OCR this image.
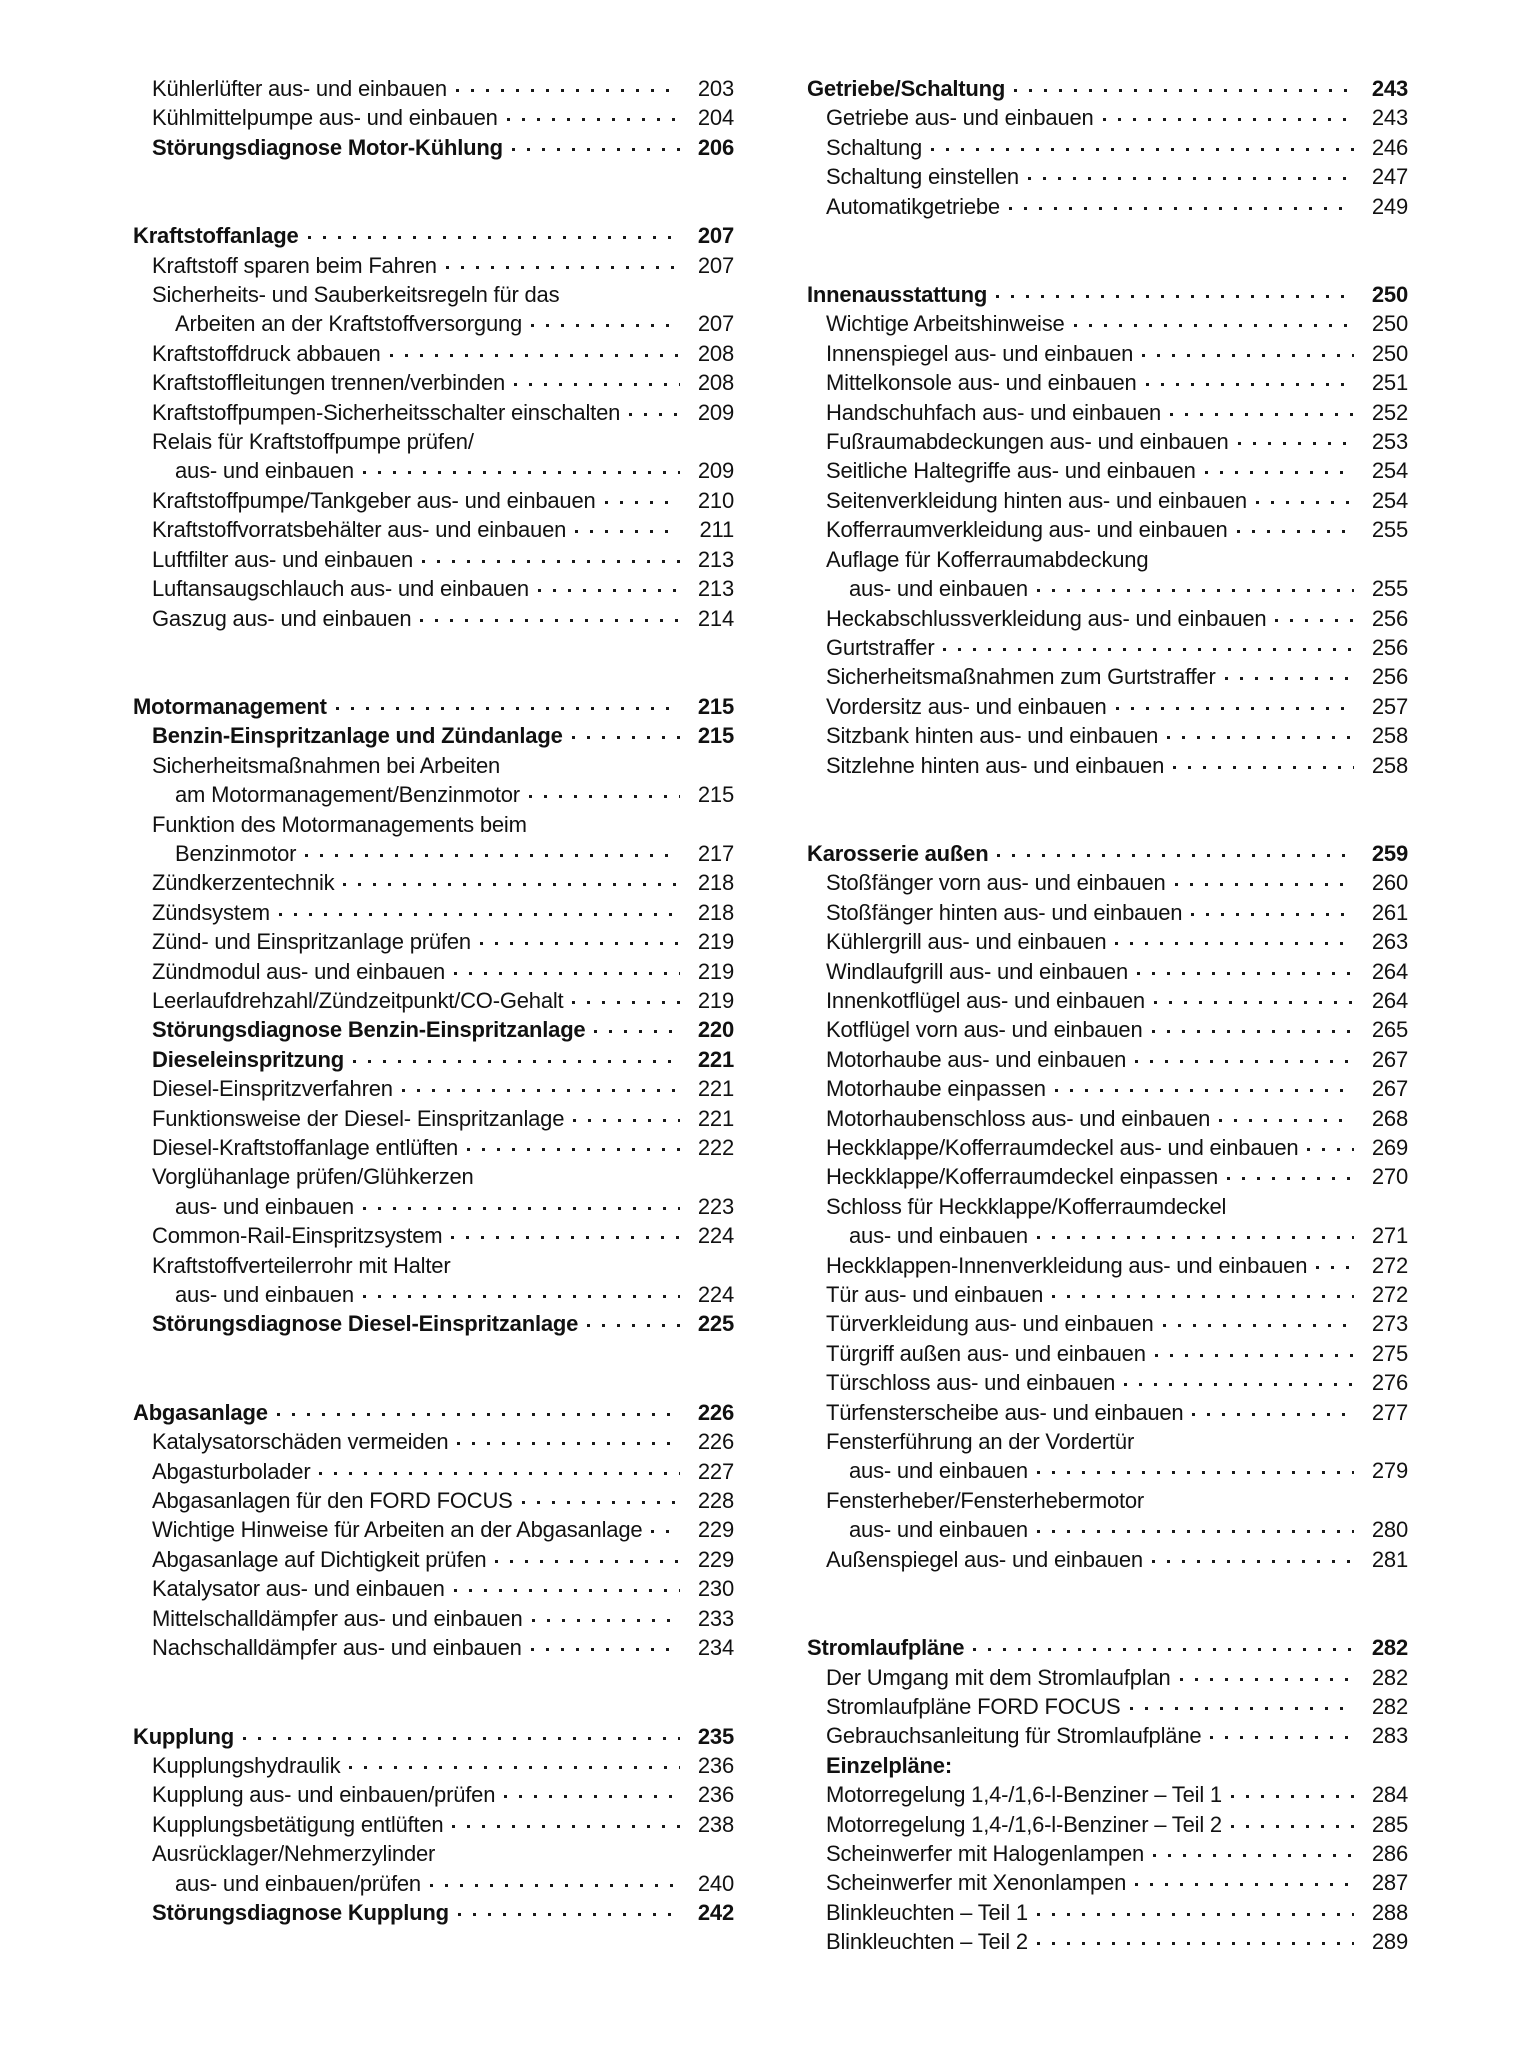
Kühlerlüfter aus- und einbauen	203
Kühlmittelpumpe aus- und einbauen	204
Störungsdiagnose Motor-Kühlung	206
Kraftstoffanlage	207
Kraftstoff sparen beim Fahren	207
Sicherheits- und Sauberkeitsregeln für das
Arbeiten an der Kraftstoffversorgung	207
Kraftstoffdruck abbauen	208
Kraftstoffleitungen trennen/verbinden	208
Kraftstoffpumpen-Sicherheitsschalter einschalten	209
Relais für Kraftstoffpumpe prüfen/
aus- und einbauen	209
Kraftstoffpumpe/Tankgeber aus- und einbauen	210
Kraftstoffvorratsbehälter aus- und einbauen	211
Luftfilter aus- und einbauen	213
Luftansaugschlauch aus- und einbauen	213
Gaszug aus- und einbauen	214
Motormanagement	215
Benzin-Einspritzanlage und Zündanlage	215
Sicherheitsmaßnahmen bei Arbeiten
am Motormanagement/Benzinmotor	215
Funktion des Motormanagements beim
Benzinmotor	217
Zündkerzentechnik	218
Zündsystem	218
Zünd- und Einspritzanlage prüfen	219
Zündmodul aus- und einbauen	219
Leerlaufdrehzahl/Zündzeitpunkt/CO-Gehalt	219
Störungsdiagnose Benzin-Einspritzanlage	220
Dieseleinspritzung	221
Diesel-Einspritzverfahren	221
Funktionsweise der Diesel- Einspritzanlage	221
Diesel-Kraftstoffanlage entlüften	222
Vorglühanlage prüfen/Glühkerzen
aus- und einbauen	223
Common-Rail-Einspritzsystem	224
Kraftstoffverteilerrohr mit Halter
aus- und einbauen	224
Störungsdiagnose Diesel-Einspritzanlage	225
Abgasanlage	226
Katalysatorschäden vermeiden	226
Abgasturbolader	227
Abgasanlagen für den FORD FOCUS	228
Wichtige Hinweise für Arbeiten an der Abgasanlage	229
Abgasanlage auf Dichtigkeit prüfen	229
Katalysator aus- und einbauen	230
Mittelschalldämpfer aus- und einbauen	233
Nachschalldämpfer aus- und einbauen	234
Kupplung	235
Kupplungshydraulik	236
Kupplung aus- und einbauen/prüfen	236
Kupplungsbetätigung entlüften	238
Ausrücklager/Nehmerzylinder
aus- und einbauen/prüfen	240
Störungsdiagnose Kupplung	242
Getriebe/Schaltung	243
Getriebe aus- und einbauen	243
Schaltung	246
Schaltung einstellen	247
Automatikgetriebe	249
Innenausstattung	250
Wichtige Arbeitshinweise	250
Innenspiegel aus- und einbauen	250
Mittelkonsole aus- und einbauen	251
Handschuhfach aus- und einbauen	252
Fußraumabdeckungen aus- und einbauen	253
Seitliche Haltegriffe aus- und einbauen	254
Seitenverkleidung hinten aus- und einbauen	254
Kofferraumverkleidung aus- und einbauen	255
Auflage für Kofferraumabdeckung
aus- und einbauen	255
Heckabschlussverkleidung aus- und einbauen	256
Gurtstraffer	256
Sicherheitsmaßnahmen zum Gurtstraffer	256
Vordersitz aus- und einbauen	257
Sitzbank hinten aus- und einbauen	258
Sitzlehne hinten aus- und einbauen	258
Karosserie außen	259
Stoßfänger vorn aus- und einbauen	260
Stoßfänger hinten aus- und einbauen	261
Kühlergrill aus- und einbauen	263
Windlaufgrill aus- und einbauen	264
Innenkotflügel aus- und einbauen	264
Kotflügel vorn aus- und einbauen	265
Motorhaube aus- und einbauen	267
Motorhaube einpassen	267
Motorhaubenschloss aus- und einbauen	268
Heckklappe/Kofferraumdeckel aus- und einbauen	269
Heckklappe/Kofferraumdeckel einpassen	270
Schloss für Heckklappe/Kofferraumdeckel
aus- und einbauen	271
Heckklappen-Innenverkleidung aus- und einbauen	272
Tür aus- und einbauen	272
Türverkleidung aus- und einbauen	273
Türgriff außen aus- und einbauen	275
Türschloss aus- und einbauen	276
Türfensterscheibe aus- und einbauen	277
Fensterführung an der Vordertür
aus- und einbauen	279
Fensterheber/Fensterhebermotor
aus- und einbauen	280
Außenspiegel aus- und einbauen	281
Stromlaufpläne	282
Der Umgang mit dem Stromlaufplan	282
Stromlaufpläne FORD FOCUS	282
Gebrauchsanleitung für Stromlaufpläne	283
Einzelpläne:
Motorregelung 1,4-/1,6-l-Benziner – Teil 1	284
Motorregelung 1,4-/1,6-l-Benziner – Teil 2	285
Scheinwerfer mit Halogenlampen	286
Scheinwerfer mit Xenonlampen	287
Blinkleuchten – Teil 1	288
Blinkleuchten – Teil 2	289
